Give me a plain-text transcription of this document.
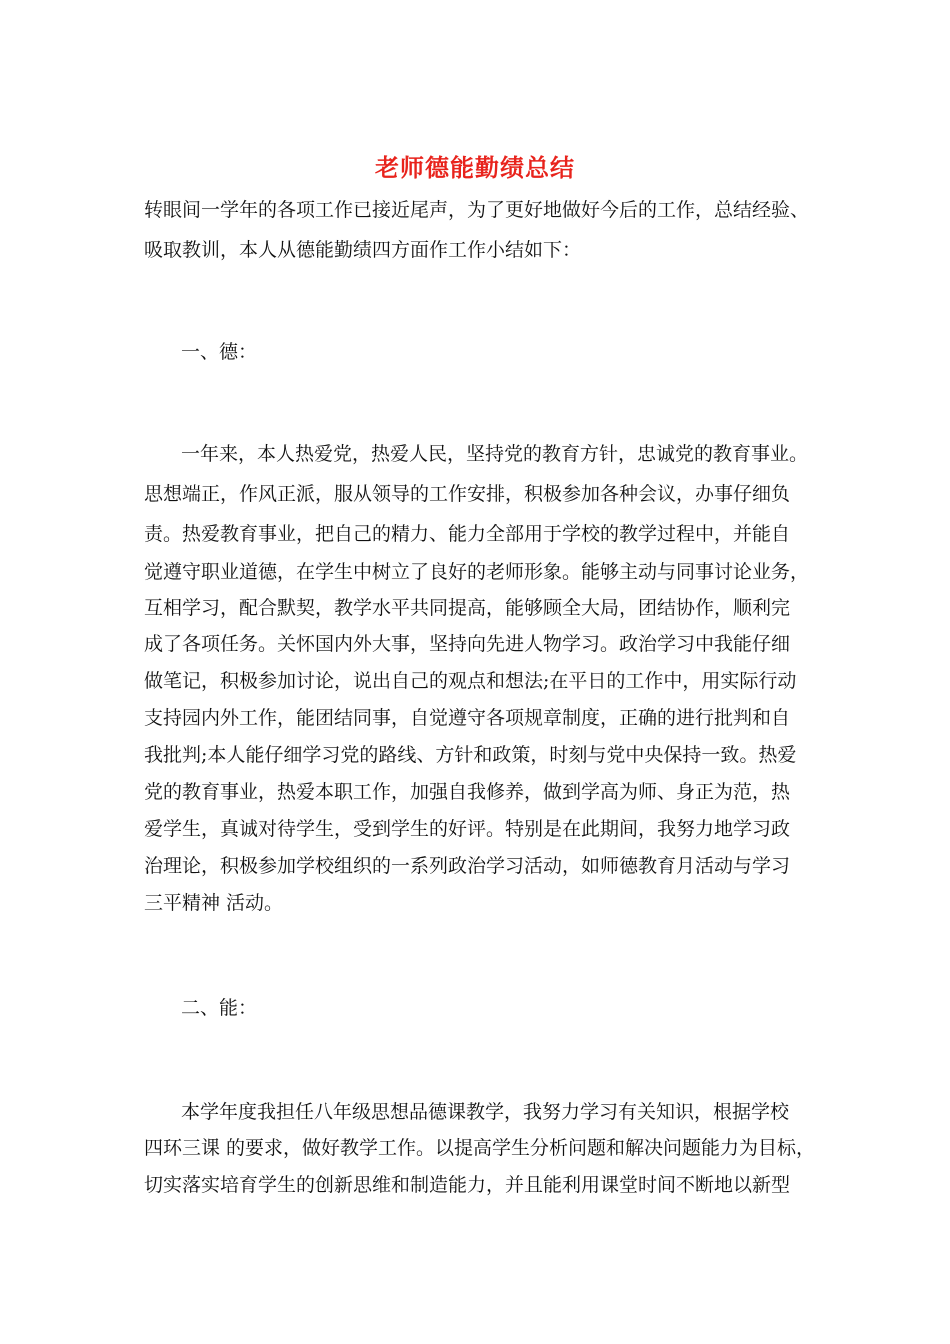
老师德能勤绩总结
转眼间一学年的各项工作已接近尾声，为了更好地做好今后的工作，总结经验、
吸取教训，本人从德能勤绩四方面作工作小结如下：
一、德：
一年来，本人热爱党，热爱人民，坚持党的教育方针，忠诚党的教育事业。
思想端正，作风正派，服从领导的工作安排，积极参加各种会议，办事仔细负
责。热爱教育事业，把自己的精力、能力全部用于学校的教学过程中，并能自
觉遵守职业道德，在学生中树立了良好的老师形象。能够主动与同事讨论业务，
互相学习，配合默契，教学水平共同提高，能够顾全大局，团结协作，顺利完
成了各项任务。关怀国内外大事，坚持向先进人物学习。政治学习中我能仔细
做笔记，积极参加讨论，说出自己的观点和想法;在平日的工作中，用实际行动
支持园内外工作，能团结同事，自觉遵守各项规章制度，正确的进行批判和自
我批判;本人能仔细学习党的路线、方针和政策，时刻与党中央保持一致。热爱
党的教育事业，热爱本职工作，加强自我修养，做到学高为师、身正为范，热
爱学生，真诚对待学生，受到学生的好评。特别是在此期间，我努力地学习政
治理论，积极参加学校组织的一系列政治学习活动，如师德教育月活动与学习
三平精神 活动。
二、能：
本学年度我担任八年级思想品德课教学，我努力学习有关知识，根据学校
四环三课 的要求，做好教学工作。以提高学生分析问题和解决问题能力为目标，
切实落实培育学生的创新思维和制造能力，并且能利用课堂时间不断地以新型
